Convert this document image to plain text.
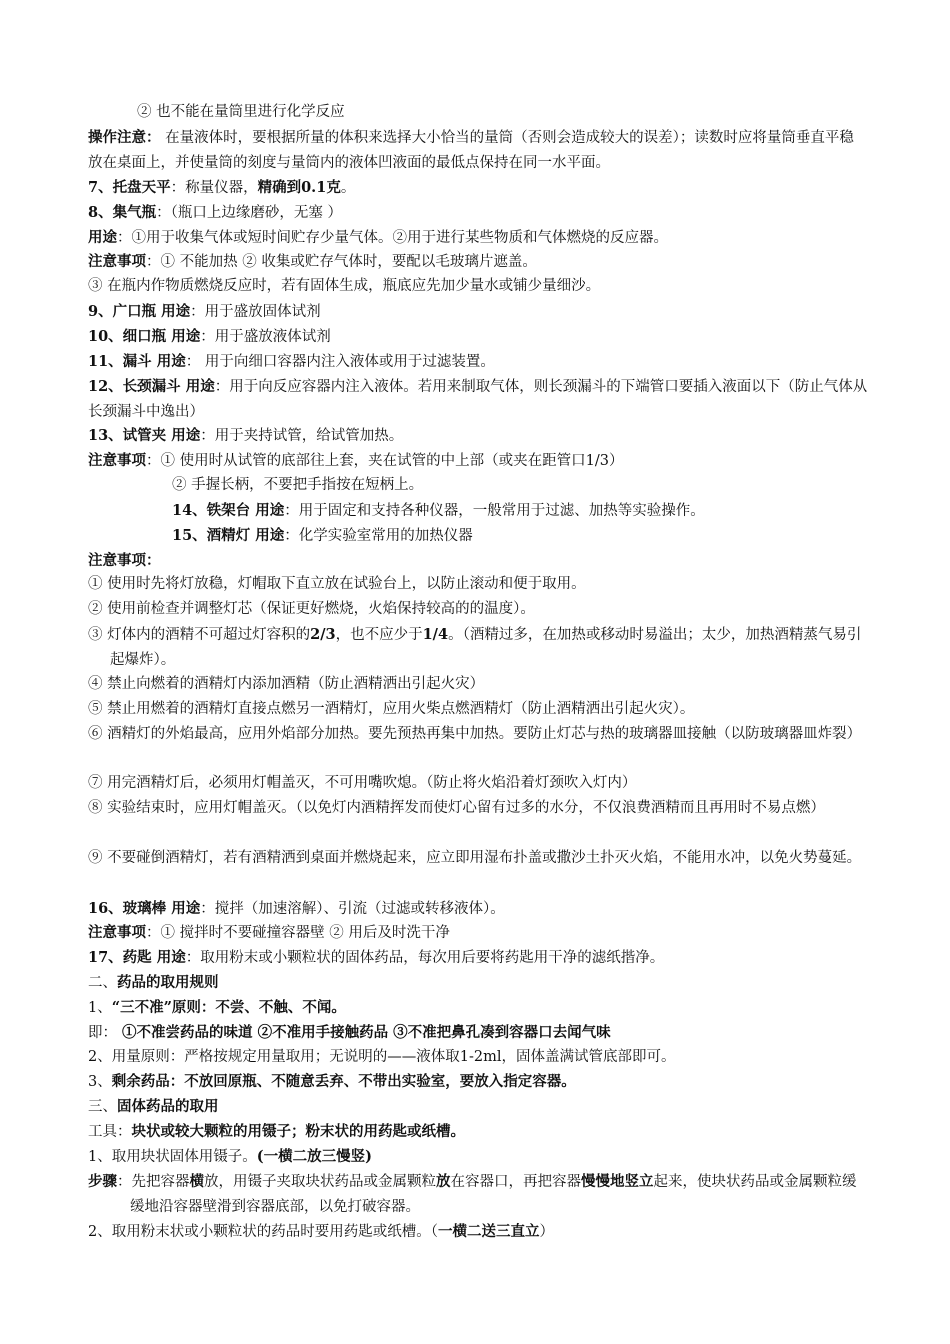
② 也不能在量筒里进行化学反应
操作注意： 在量液体时，要根据所量的体积来选择大小恰当的量筒（否则会造成较大的误差）；读数时应将量筒垂直平稳放在桌面上，并使量筒的刻度与量筒内的液体凹液面的最低点保持在同一水平面。
7、托盘天平：称量仪器，精确到0.1克。
8、集气瓶：（瓶口上边缘磨砂，无塞 ）
用途：①用于收集气体或短时间贮存少量气体。②用于进行某些物质和气体燃烧的反应器。
注意事项：① 不能加热 ② 收集或贮存气体时，要配以毛玻璃片遮盖。
③ 在瓶内作物质燃烧反应时，若有固体生成，瓶底应先加少量水或铺少量细沙。
9、广口瓶 用途：用于盛放固体试剂
10、细口瓶 用途：用于盛放液体试剂
11、漏斗 用途： 用于向细口容器内注入液体或用于过滤装置。
12、长颈漏斗 用途：用于向反应容器内注入液体。若用来制取气体，则长颈漏斗的下端管口要插入液面以下（防止气体从长颈漏斗中逸出）
13、试管夹 用途：用于夹持试管，给试管加热。
注意事项：① 使用时从试管的底部往上套，夹在试管的中上部（或夹在距管口1/3）
② 手握长柄，不要把手指按在短柄上。
14、铁架台 用途：用于固定和支持各种仪器，一般常用于过滤、加热等实验操作。
15、酒精灯 用途：化学实验室常用的加热仪器
注意事项：
① 使用时先将灯放稳，灯帽取下直立放在试验台上，以防止滚动和便于取用。
② 使用前检查并调整灯芯（保证更好燃烧，火焰保持较高的的温度）。
③ 灯体内的酒精不可超过灯容积的2/3，也不应少于1/4。（酒精过多，在加热或移动时易溢出；太少，加热酒精蒸气易引起爆炸）。
④ 禁止向燃着的酒精灯内添加酒精（防止酒精洒出引起火灾）
⑤ 禁止用燃着的酒精灯直接点燃另一酒精灯，应用火柴点燃酒精灯（防止酒精洒出引起火灾）。
⑥ 酒精灯的外焰最高，应用外焰部分加热。要先预热再集中加热。要防止灯芯与热的玻璃器皿接触（以防玻璃器皿炸裂）
⑦ 用完酒精灯后，必须用灯帽盖灭，不可用嘴吹熄。（防止将火焰沿着灯颈吹入灯内）
⑧ 实验结束时，应用灯帽盖灭。（以免灯内酒精挥发而使灯心留有过多的水分，不仅浪费酒精而且再用时不易点燃）
⑨ 不要碰倒酒精灯，若有酒精洒到桌面并燃烧起来，应立即用湿布扑盖或撒沙土扑灭火焰，不能用水冲，以免火势蔓延。
16、玻璃棒 用途：搅拌（加速溶解）、引流（过滤或转移液体）。
注意事项：① 搅拌时不要碰撞容器壁 ② 用后及时洗干净
17、药匙 用途：取用粉末或小颗粒状的固体药品，每次用后要将药匙用干净的滤纸揩净。
二、药品的取用规则
1、“三不准”原则：不尝、不触、不闻。
即： ①不准尝药品的味道 ②不准用手接触药品 ③不准把鼻孔凑到容器口去闻气味
2、用量原则：严格按规定用量取用；无说明的——液体取1-2ml，固体盖满试管底部即可。
3、剩余药品：不放回原瓶、不随意丢弃、不带出实验室，要放入指定容器。
三、固体药品的取用
工具：块状或较大颗粒的用镊子；粉末状的用药匙或纸槽。
1、取用块状固体用镊子。(一横二放三慢竖)
步骤：先把容器横放，用镊子夹取块状药品或金属颗粒放在容器口，再把容器慢慢地竖立起来，使块状药品或金属颗粒缓缓地沿容器壁滑到容器底部，以免打破容器。
2、取用粉末状或小颗粒状的药品时要用药匙或纸槽。（一横二送三直立）
